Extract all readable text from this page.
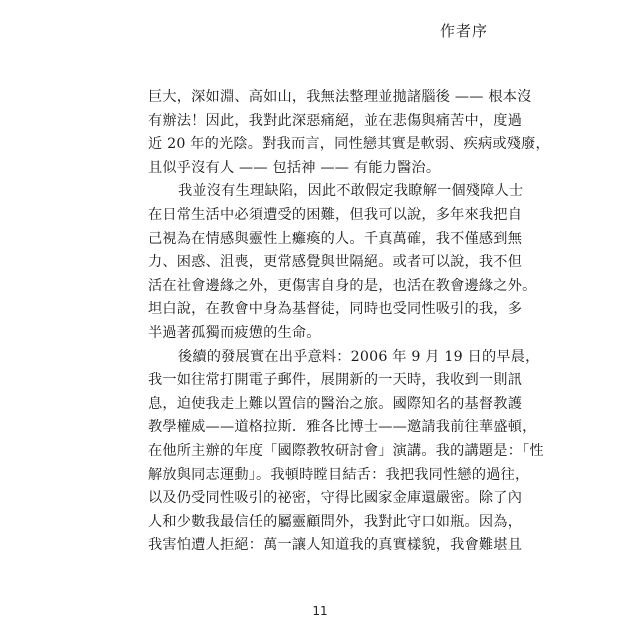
作者序
巨大，深如淵、高如山，我無法整理並拋諸腦後 —— 根本沒
有辦法！因此，我對此深惡痛絕，並在悲傷與痛苦中，度過
近 20 年的光陰。對我而言，同性戀其實是軟弱、疾病或殘廢，
且似乎沒有人 —— 包括神 —— 有能力醫治。
我並沒有生理缺陷，因此不敢假定我瞭解一個殘障人士
在日常生活中必須遭受的困難，但我可以說，多年來我把自
己視為在情感與靈性上癱瘓的人。千真萬確，我不僅感到無
力、困惑、沮喪，更常感覺與世隔絕。或者可以說，我不但
活在社會邊緣之外，更傷害自身的是，也活在教會邊緣之外。
坦白說，在教會中身為基督徒，同時也受同性吸引的我，多
半過著孤獨而疲憊的生命。
後續的發展實在出乎意料：2006 年 9 月 19 日的早晨，
我一如往常打開電子郵件，展開新的一天時，我收到一則訊
息，迫使我走上難以置信的醫治之旅。國際知名的基督教護
教學權威——道格拉斯．雅各比博士——邀請我前往華盛頓，
在他所主辦的年度「國際教牧研討會」演講。我的講題是：「性
解放與同志運動」。我頓時瞠目結舌：我把我同性戀的過往，
以及仍受同性吸引的祕密，守得比國家金庫還嚴密。除了內
人和少數我最信任的屬靈顧問外，我對此守口如瓶。因為，
我害怕遭人拒絕：萬一讓人知道我的真實樣貌，我會難堪且
11
